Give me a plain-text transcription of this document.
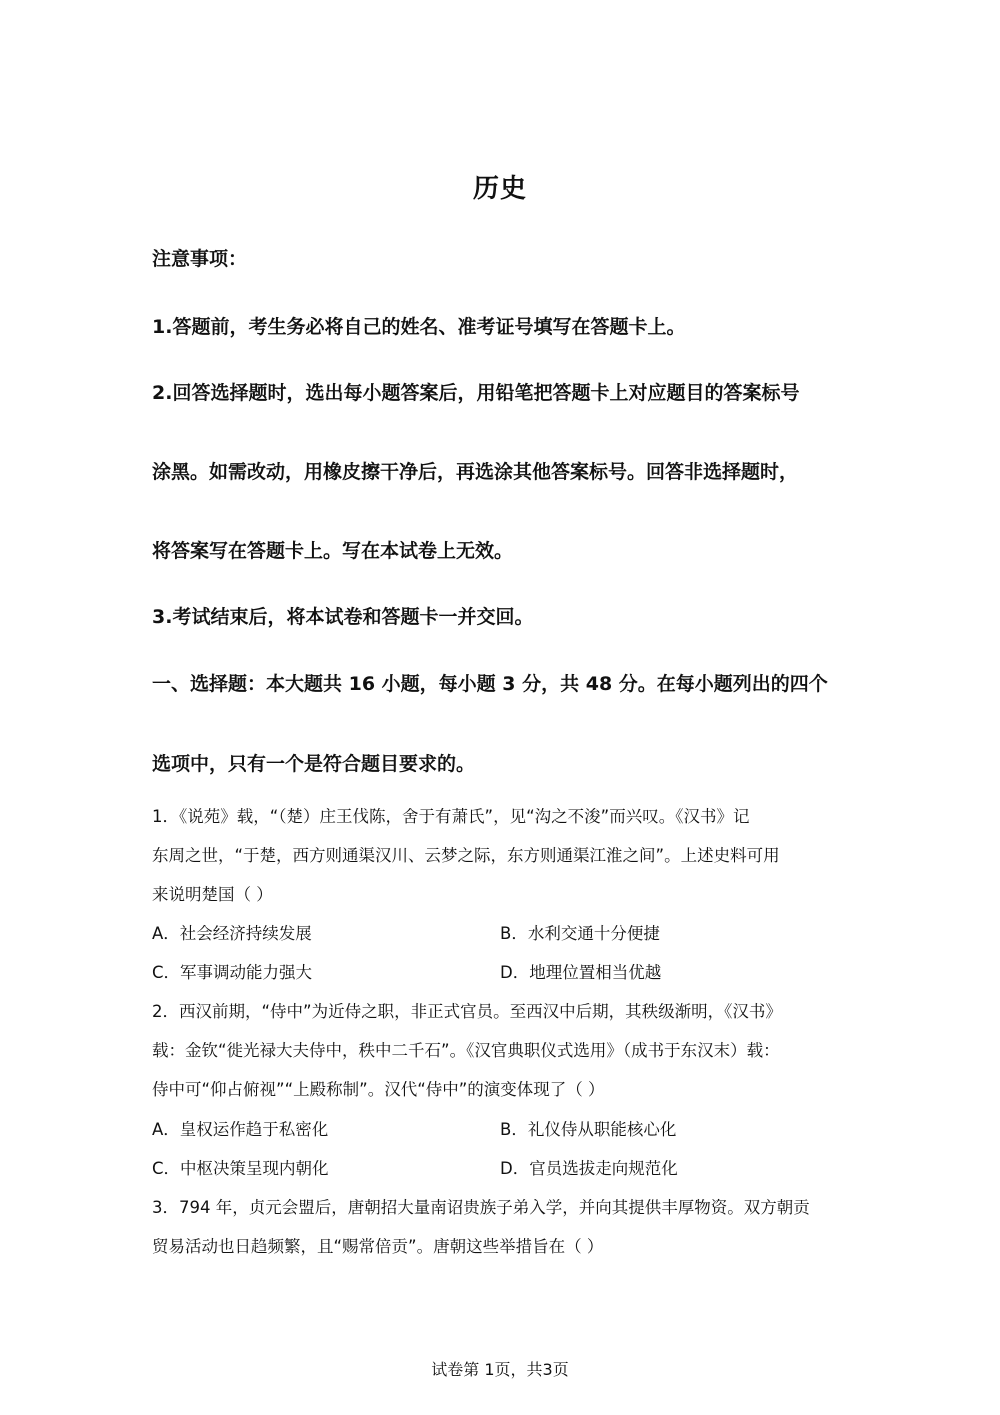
历史
注意事项：
1.答题前，考生务必将自己的姓名、准考证号填写在答题卡上。
2.回答选择题时，选出每小题答案后，用铅笔把答题卡上对应题目的答案标号
涂黑。如需改动，用橡皮擦干净后，再选涂其他答案标号。回答非选择题时，
将答案写在答题卡上。写在本试卷上无效。
3.考试结束后，将本试卷和答题卡一并交回。
一、选择题：本大题共 16 小题，每小题 3 分，共 48 分。在每小题列出的四个
选项中，只有一个是符合题目要求的。
1．《说苑》载，“（楚）庄王伐陈，舍于有萧氏”，见“沟之不浚”而兴叹。《汉书》记
东周之世，“于楚，西方则通渠汉川、云梦之际，东方则通渠江淮之间”。上述史料可用
来说明楚国（ ）
A．社会经济持续发展	B．水利交通十分便捷
C．军事调动能力强大	D．地理位置相当优越
2．西汉前期，“侍中”为近侍之职，非正式官员。至西汉中后期，其秩级渐明，《汉书》
载：金钦“徙光禄大夫侍中，秩中二千石”。《汉官典职仪式选用》（成书于东汉末）载：
侍中可“仰占俯视”“上殿称制”。汉代“侍中”的演变体现了（ ）
A．皇权运作趋于私密化	B．礼仪侍从职能核心化
C．中枢决策呈现内朝化	D．官员选拔走向规范化
3．794 年，贞元会盟后，唐朝招大量南诏贵族子弟入学，并向其提供丰厚物资。双方朝贡
贸易活动也日趋频繁，且“赐常倍贡”。唐朝这些举措旨在（ ）
试卷第 1页，共3页
